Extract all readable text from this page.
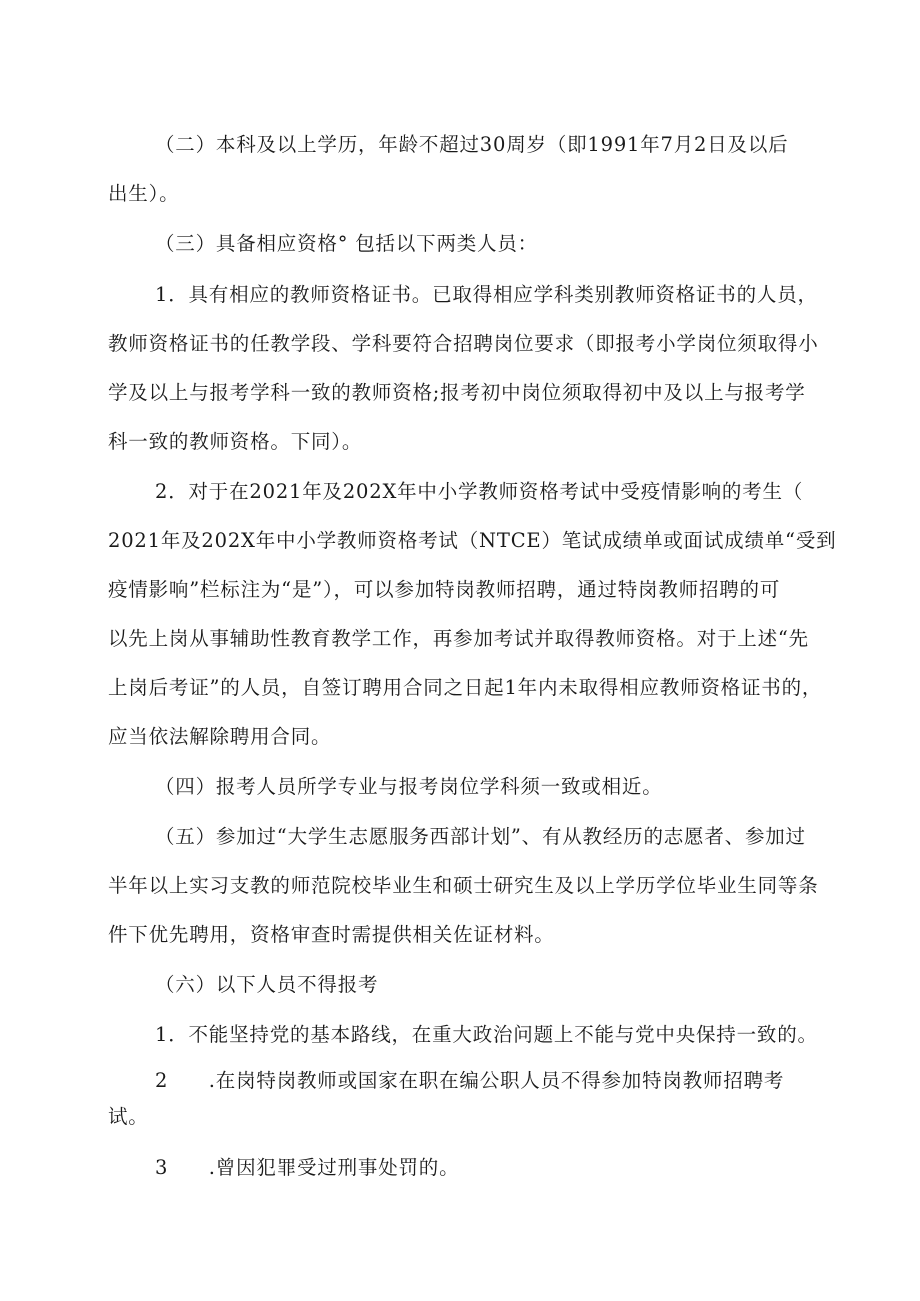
（二）本科及以上学历，年龄不超过30周岁（即1991年7月2日及以后
出生）。
（三）具备相应资格° 包括以下两类人员：
1．具有相应的教师资格证书。已取得相应学科类别教师资格证书的人员，
教师资格证书的任教学段、学科要符合招聘岗位要求（即报考小学岗位须取得小
学及以上与报考学科一致的教师资格;报考初中岗位须取得初中及以上与报考学
科一致的教师资格。下同）。
2．对于在2021年及202X年中小学教师资格考试中受疫情影响的考生（
2021年及202X年中小学教师资格考试（NTCE）笔试成绩单或面试成绩单“受到
疫情影响”栏标注为“是”），可以参加特岗教师招聘，通过特岗教师招聘的可
以先上岗从事辅助性教育教学工作，再参加考试并取得教师资格。对于上述“先
上岗后考证”的人员，自签订聘用合同之日起1年内未取得相应教师资格证书的，
应当依法解除聘用合同。
（四）报考人员所学专业与报考岗位学科须一致或相近。
（五）参加过“大学生志愿服务西部计划”、有从教经历的志愿者、参加过
半年以上实习支教的师范院校毕业生和硕士研究生及以上学历学位毕业生同等条
件下优先聘用，资格审查时需提供相关佐证材料。
（六）以下人员不得报考
1．不能坚持党的基本路线，在重大政治问题上不能与党中央保持一致的。
2　　.在岗特岗教师或国家在职在编公职人员不得参加特岗教师招聘考
试。
3　　.曾因犯罪受过刑事处罚的。
